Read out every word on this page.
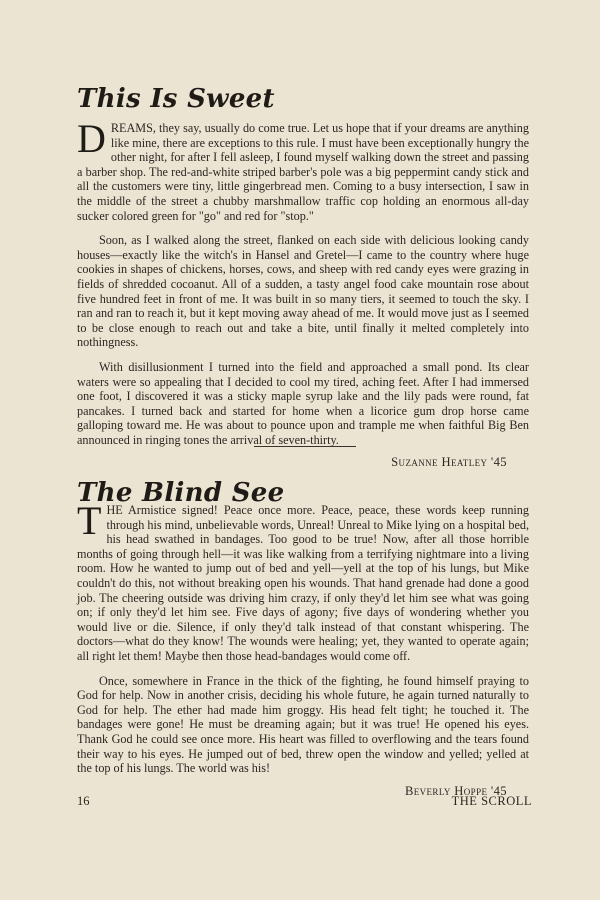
This Is Sweet

DREAMS, they say, usually do come true. Let us hope that if your dreams are anything like mine, there are exceptions to this rule. I must have been exceptionally hungry the other night, for after I fell asleep, I found myself walking down the street and passing a barber shop. The red-and-white striped barber's pole was a big peppermint candy stick and all the customers were tiny, little gingerbread men. Coming to a busy intersection, I saw in the middle of the street a chubby marshmallow traffic cop holding an enormous all-day sucker colored green for "go" and red for "stop."

Soon, as I walked along the street, flanked on each side with delicious looking candy houses—exactly like the witch's in Hansel and Gretel—I came to the country where huge cookies in shapes of chickens, horses, cows, and sheep with red candy eyes were grazing in fields of shredded cocoanut. All of a sudden, a tasty angel food cake mountain rose about five hundred feet in front of me. It was built in so many tiers, it seemed to touch the sky. I ran and ran to reach it, but it kept moving away ahead of me. It would move just as I seemed to be close enough to reach out and take a bite, until finally it melted completely into nothingness.

With disillusionment I turned into the field and approached a small pond. Its clear waters were so appealing that I decided to cool my tired, aching feet. After I had immersed one foot, I discovered it was a sticky maple syrup lake and the lily pads were round, fat pancakes. I turned back and started for home when a licorice gum drop horse came galloping toward me. He was about to pounce upon and trample me when faithful Big Ben announced in ringing tones the arrival of seven-thirty.

Suzanne Heatley '45
The Blind See

THE Armistice signed! Peace once more. Peace, peace, these words keep running through his mind, unbelievable words, Unreal! Unreal to Mike lying on a hospital bed, his head swathed in bandages. Too good to be true! Now, after all those horrible months of going through hell—it was like walking from a terrifying nightmare into a living room. How he wanted to jump out of bed and yell—yell at the top of his lungs, but Mike couldn't do this, not without breaking open his wounds. That hand grenade had done a good job. The cheering outside was driving him crazy, if only they'd let him see what was going on; if only they'd let him see. Five days of agony; five days of wondering whether you would live or die. Silence, if only they'd talk instead of that constant whispering. The doctors—what do they know! The wounds were healing; yet, they wanted to operate again; all right let them! Maybe then those head-bandages would come off.

Once, somewhere in France in the thick of the fighting, he found himself praying to God for help. Now in another crisis, deciding his whole future, he again turned naturally to God for help. The ether had made him groggy. His head felt tight; he touched it. The bandages were gone! He must be dreaming again; but it was true! He opened his eyes. Thank God he could see once more. His heart was filled to overflowing and the tears found their way to his eyes. He jumped out of bed, threw open the window and yelled; yelled at the top of his lungs. The world was his!

Beverly Hoppe '45
16	THE SCROLL
